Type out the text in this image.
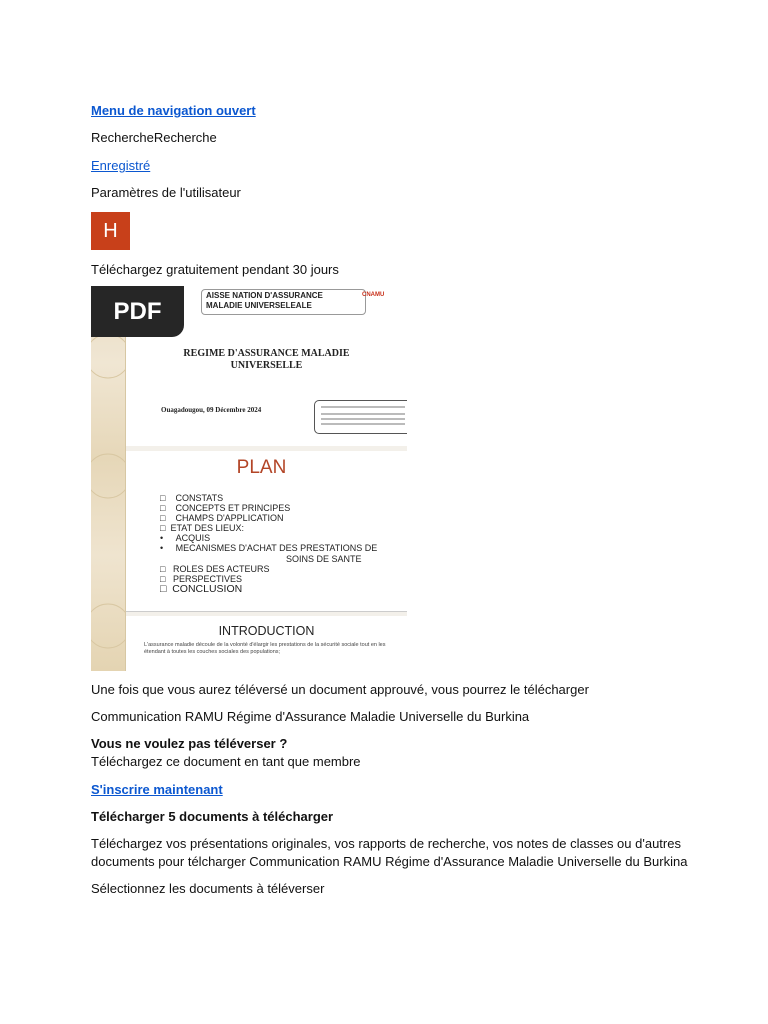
Menu de navigation ouvert

RechercheRecherche

Enregistré

Paramètres de l'utilisateur

H

Téléchargez gratuitement pendant 30 jours

AISSE NATION D'ASSURANCE
MALADIE UNIVERSELEALE
CNAMU
REGIME D'ASSURANCE MALADIE
UNIVERSELLE
Ouagadougou, 09 Décembre 2024
PLAN
□ CONSTATS
□ CONCEPTS ET PRINCIPES
□ CHAMPS D'APPLICATION
□ ETAT DES LIEUX:
• ACQUIS
• MECANISMES D'ACHAT DES PRESTATIONS DE
SOINS DE SANTE
□ ROLES DES ACTEURS
□ PERSPECTIVES
□ CONCLUSION
INTRODUCTION
L'assurance maladie découle de la volonté d'élargir les prestations de la sécurité sociale tout en les étendant à toutes les couches sociales des populations;
PDF

Une fois que vous aurez téléversé un document approuvé, vous pourrez le télécharger

Communication RAMU Régime d'Assurance Maladie Universelle du Burkina

Vous ne voulez pas téléverser ?

Téléchargez ce document en tant que membre

S'inscrire maintenant

Télécharger 5 documents à télécharger

Téléchargez vos présentations originales, vos rapports de recherche, vos notes de classes ou d'autres documents pour télcharger Communication RAMU Régime d'Assurance Maladie Universelle du Burkina

Sélectionnez les documents à téléverser
